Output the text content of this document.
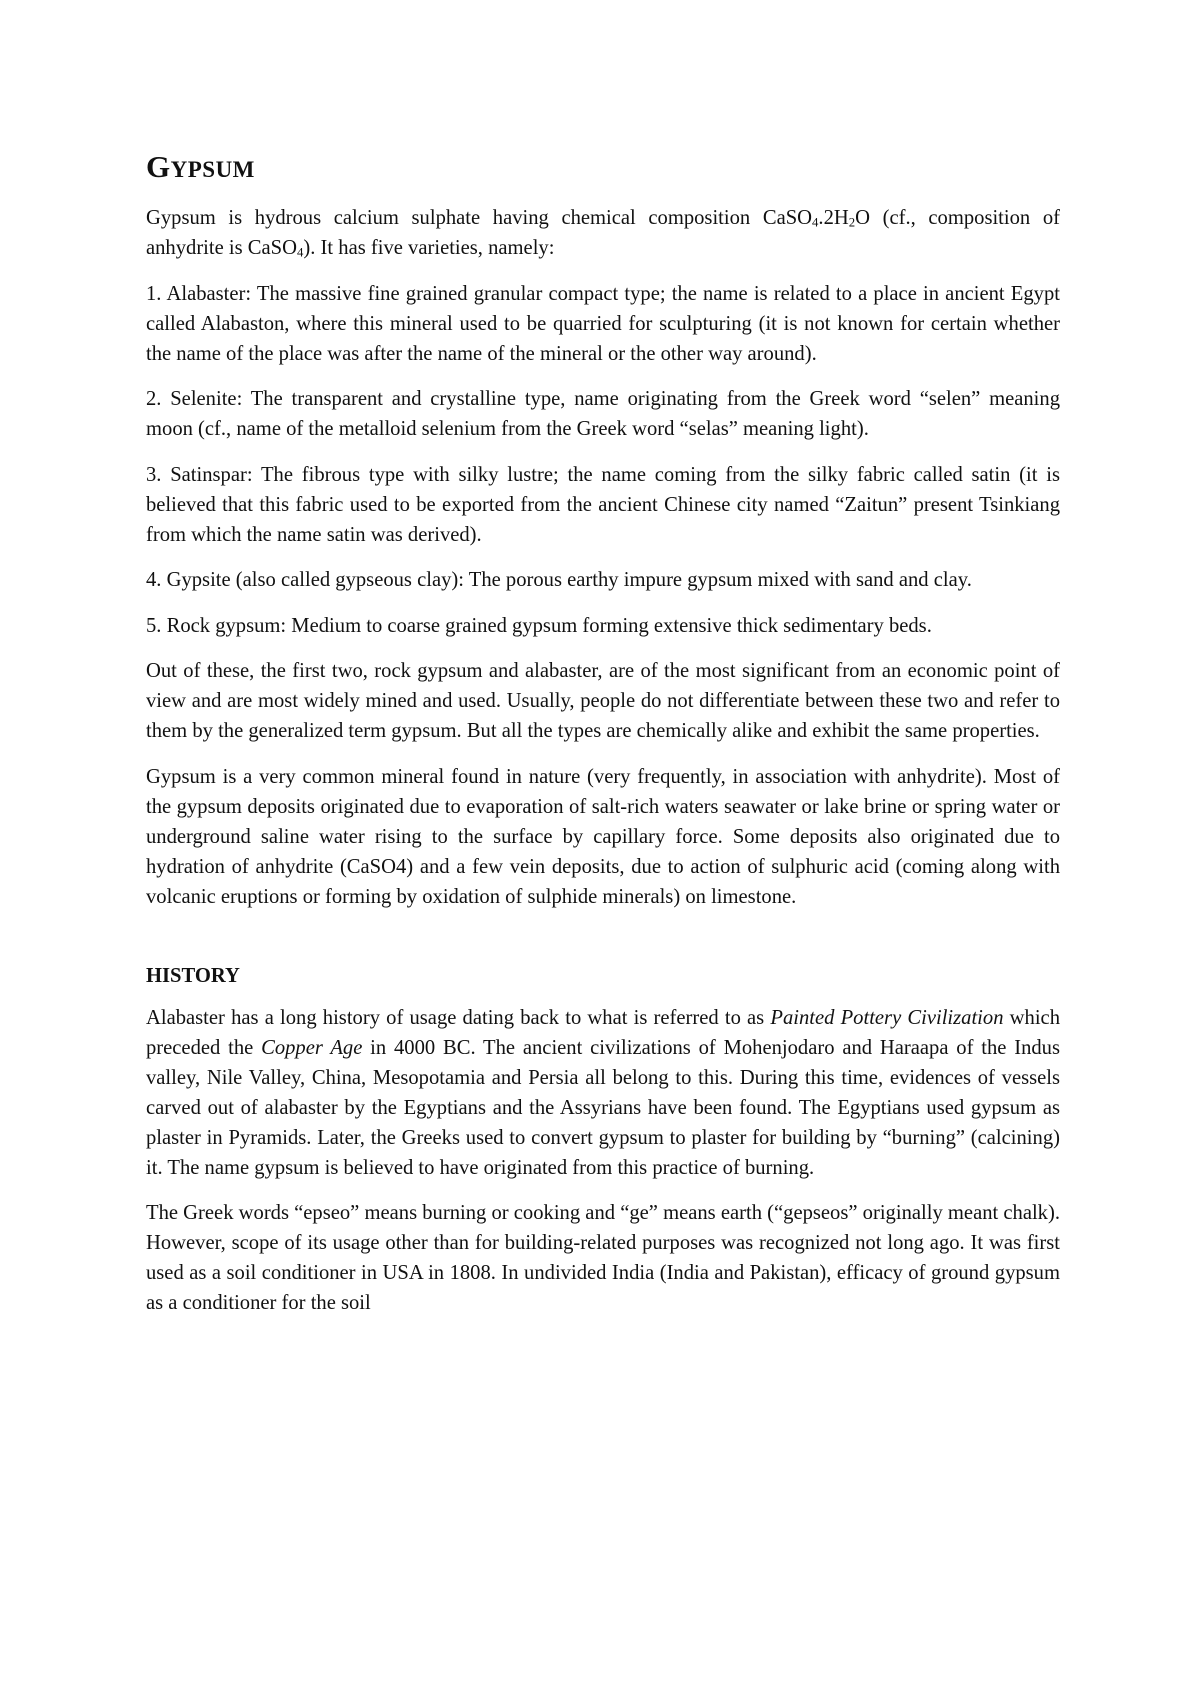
GYPSUM

Gypsum is hydrous calcium sulphate having chemical composition $CaSO_4.2H_2O$ (cf., composition of anhydrite is CaSO$_4$). It has five varieties, namely:

1. Alabaster: The massive fine grained granular compact type; the name is related to a place in ancient Egypt called Alabaston, where this mineral used to be quarried for sculpturing (it is not known for certain whether the name of the place was after the name of the mineral or the other way around).

2. Selenite: The transparent and crystalline type, name originating from the Greek word “selen” meaning moon (cf., name of the metalloid selenium from the Greek word “selas” meaning light).

3. Satinspar: The fibrous type with silky lustre; the name coming from the silky fabric called satin (it is believed that this fabric used to be exported from the ancient Chinese city named “Zaitun” present Tsinkiang from which the name satin was derived).

4. Gypsite (also called gypseous clay): The porous earthy impure gypsum mixed with sand and clay.

5. Rock gypsum: Medium to coarse grained gypsum forming extensive thick sedimentary beds.

Out of these, the first two, rock gypsum and alabaster, are of the most significant from an economic point of view and are most widely mined and used. Usually, people do not differentiate between these two and refer to them by the generalized term gypsum. But all the types are chemically alike and exhibit the same properties.

Gypsum is a very common mineral found in nature (very frequently, in association with anhydrite). Most of the gypsum deposits originated due to evaporation of salt-rich waters seawater or lake brine or spring water or underground saline water rising to the surface by capillary force. Some deposits also originated due to hydration of anhydrite (CaSO4) and a few vein deposits, due to action of sulphuric acid (coming along with volcanic eruptions or forming by oxidation of sulphide minerals) on limestone.

HISTORY

Alabaster has a long history of usage dating back to what is referred to as Painted Pottery Civilization which preceded the Copper Age in 4000 BC. The ancient civilizations of Mohenjodaro and Haraapa of the Indus valley, Nile Valley, China, Mesopotamia and Persia all belong to this. During this time, evidences of vessels carved out of alabaster by the Egyptians and the Assyrians have been found. The Egyptians used gypsum as plaster in Pyramids. Later, the Greeks used to convert gypsum to plaster for building by “burning” (calcining) it. The name gypsum is believed to have originated from this practice of burning.

The Greek words “epseo” means burning or cooking and “ge” means earth (“gepseos” originally meant chalk). However, scope of its usage other than for building-related purposes was recognized not long ago. It was first used as a soil conditioner in USA in 1808. In undivided India (India and Pakistan), efficacy of ground gypsum as a conditioner for the soil
